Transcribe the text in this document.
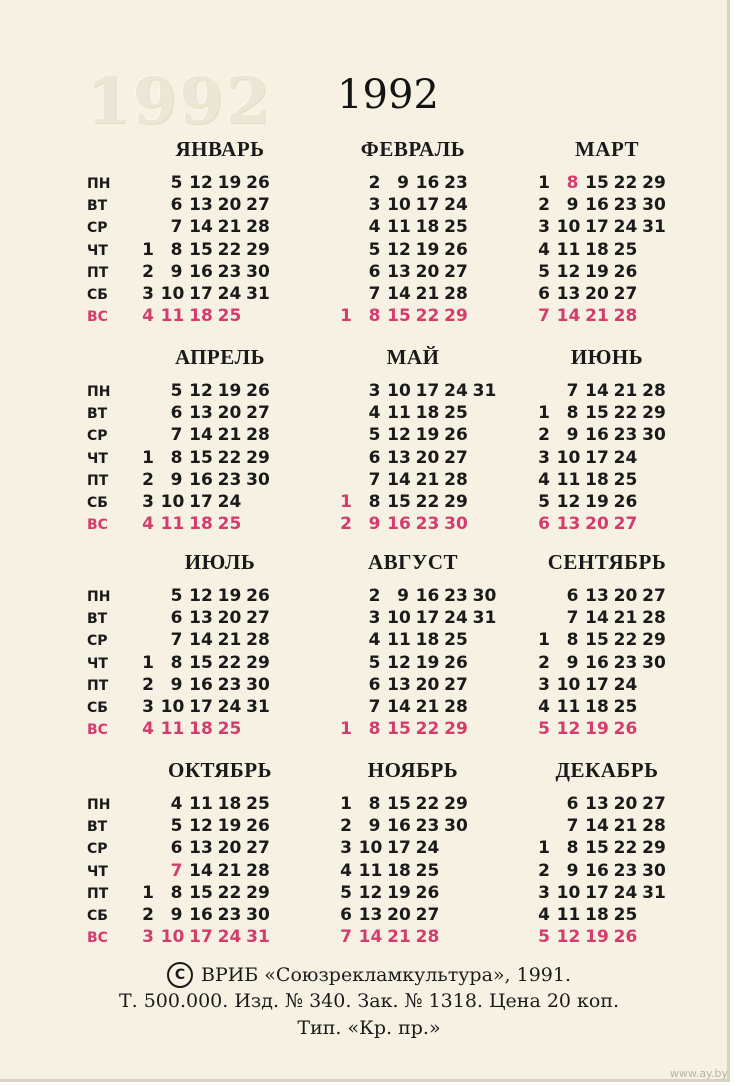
1992	1992
ПН
ВТ
СР
ЧТ
ПТ
СБ
ВС
ПН
ВТ
СР
ЧТ
ПТ
СБ
ВС
ПН
ВТ
СР
ЧТ
ПТ
СБ
ВС
ПН
ВТ
СР
ЧТ
ПТ
СБ
ВС
ЯНВАРЬ
1
2
3
4
5
6
7
8
9
10
11
12
13
14
15
16
17
18
19
20
21
22
23
24
25
26
27
28
29
30
31
ФЕВРАЛЬ
1
2
3
4
5
6
7
8
9
10
11
12
13
14
15
16
17
18
19
20
21
22
23
24
25
26
27
28
29
МАРТ
1
2
3
4
5
6
7
8
9
10
11
12
13
14
15
16
17
18
19
20
21
22
23
24
25
26
27
28
29
30
31
АПРЕЛЬ
1
2
3
4
5
6
7
8
9
10
11
12
13
14
15
16
17
18
19
20
21
22
23
24
25
26
27
28
29
30
МАЙ
1
2
3
4
5
6
7
8
9
10
11
12
13
14
15
16
17
18
19
20
21
22
23
24
25
26
27
28
29
30
31
ИЮНЬ
1
2
3
4
5
6
7
8
9
10
11
12
13
14
15
16
17
18
19
20
21
22
23
24
25
26
27
28
29
30
ИЮЛЬ
1
2
3
4
5
6
7
8
9
10
11
12
13
14
15
16
17
18
19
20
21
22
23
24
25
26
27
28
29
30
31
АВГУСТ
1
2
3
4
5
6
7
8
9
10
11
12
13
14
15
16
17
18
19
20
21
22
23
24
25
26
27
28
29
30
31
СЕНТЯБРЬ
1
2
3
4
5
6
7
8
9
10
11
12
13
14
15
16
17
18
19
20
21
22
23
24
25
26
27
28
29
30
ОКТЯБРЬ
1
2
3
4
5
6
7
8
9
10
11
12
13
14
15
16
17
18
19
20
21
22
23
24
25
26
27
28
29
30
31
НОЯБРЬ
1
2
3
4
5
6
7
8
9
10
11
12
13
14
15
16
17
18
19
20
21
22
23
24
25
26
27
28
29
30
ДЕКАБРЬ
1
2
3
4
5
6
7
8
9
10
11
12
13
14
15
16
17
18
19
20
21
22
23
24
25
26
27
28
29
30
31
C ВРИБ «Союзрекламкультура», 1991.
Т. 500.000. Изд. № 340. Зак. № 1318. Цена 20 коп.
Тип. «Кр. пр.»
www.ay.by
